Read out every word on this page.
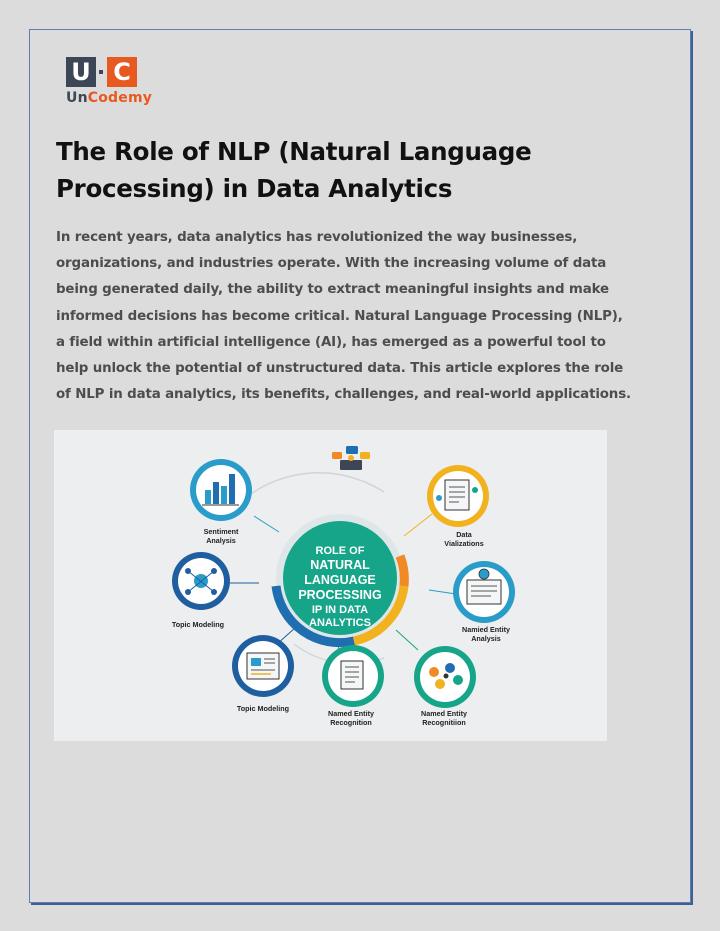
U C
UnCodemy
The Role of NLP (Natural Language Processing) in Data Analytics

In recent years, data analytics has revolutionized the way businesses, organizations, and industries operate. With the increasing volume of data being generated daily, the ability to extract meaningful insights and make informed decisions has become critical. Natural Language Processing (NLP), a field within artificial intelligence (AI), has emerged as a powerful tool to help unlock the potential of unstructured data. This article explores the role of NLP in data analytics, its benefits, challenges, and real-world applications.

ROLE OF
NATURAL
LANGUAGE
PROCESSING
IP IN DATA
ANALYTICS
Sentiment
Analysis
Topic Modeling
Topic Modeling
Named Entity
Recognition
Named Entity
Recognitiion
Namied Entity
Analysis
Data
Vializations
